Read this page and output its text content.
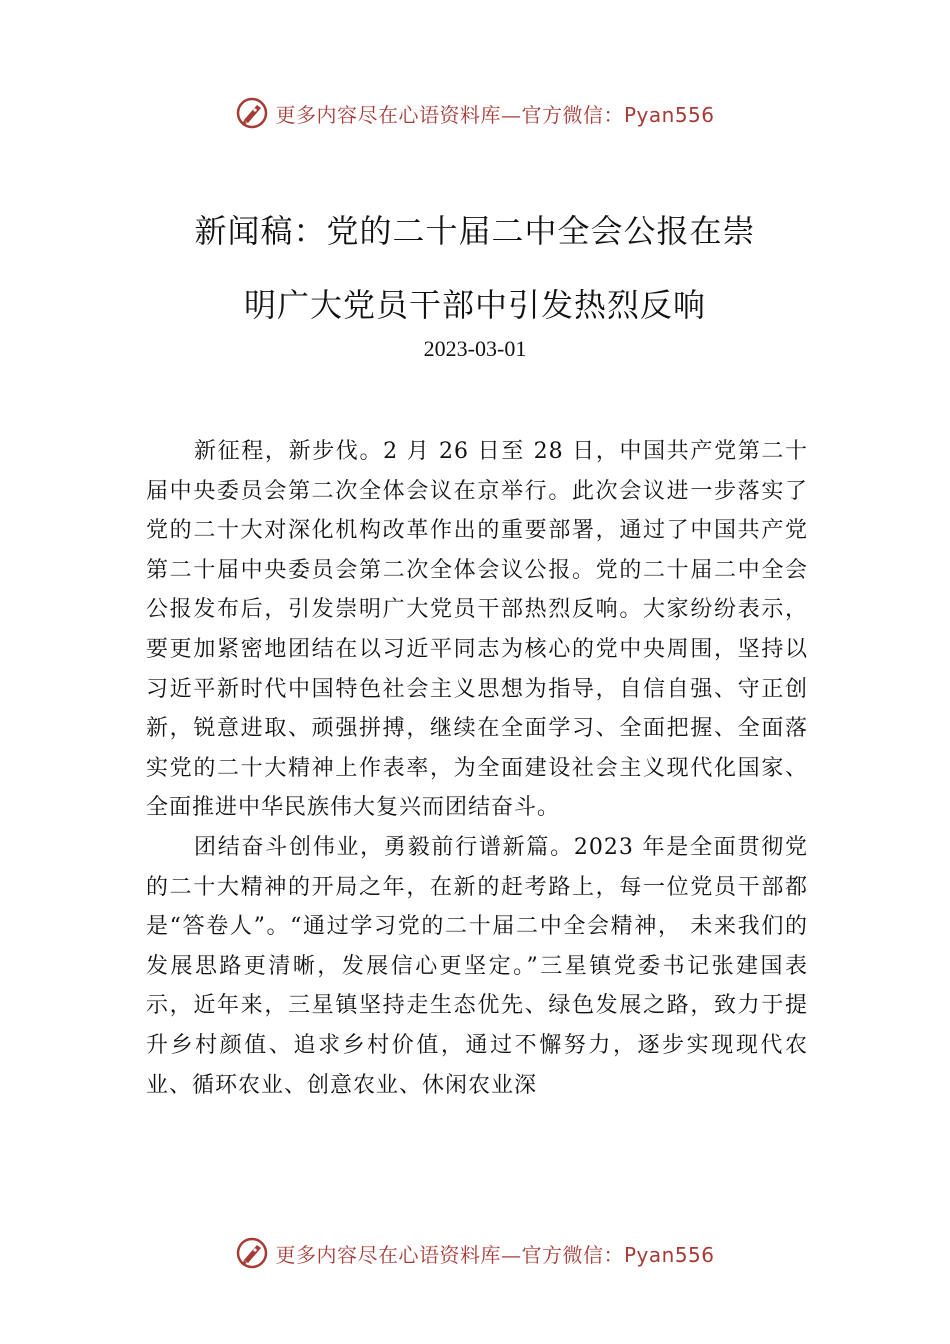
更多内容尽在心语资料库—官方微信：Pyan556
新闻稿：党的二十届二中全会公报在崇
明广大党员干部中引发热烈反响
2023-03-01

新征程，新步伐。2 月 26 日至 28 日，中国共产党第二十届中央委员会第二次全体会议在京举行。此次会议进一步落实了党的二十大对深化机构改革作出的重要部署，通过了中国共产党第二十届中央委员会第二次全体会议公报。党的二十届二中全会公报发布后，引发崇明广大党员干部热烈反响。大家纷纷表示，要更加紧密地团结在以习近平同志为核心的党中央周围，坚持以习近平新时代中国特色社会主义思想为指导，自信自强、守正创新，锐意进取、顽强拼搏，继续在全面学习、全面把握、全面落实党的二十大精神上作表率，为全面建设社会主义现代化国家、全面推进中华民族伟大复兴而团结奋斗。

团结奋斗创伟业，勇毅前行谱新篇。2023 年是全面贯彻党的二十大精神的开局之年，在新的赶考路上，每一位党员干部都是“答卷人”。“通过学习党的二十届二中全会精神， 未来我们的发展思路更清晰，发展信心更坚定。”三星镇党委书记张建国表示，近年来，三星镇坚持走生态优先、绿色发展之路，致力于提升乡村颜值、追求乡村价值，通过不懈努力，逐步实现现代农业、循环农业、创意农业、休闲农业深

更多内容尽在心语资料库—官方微信：Pyan556
